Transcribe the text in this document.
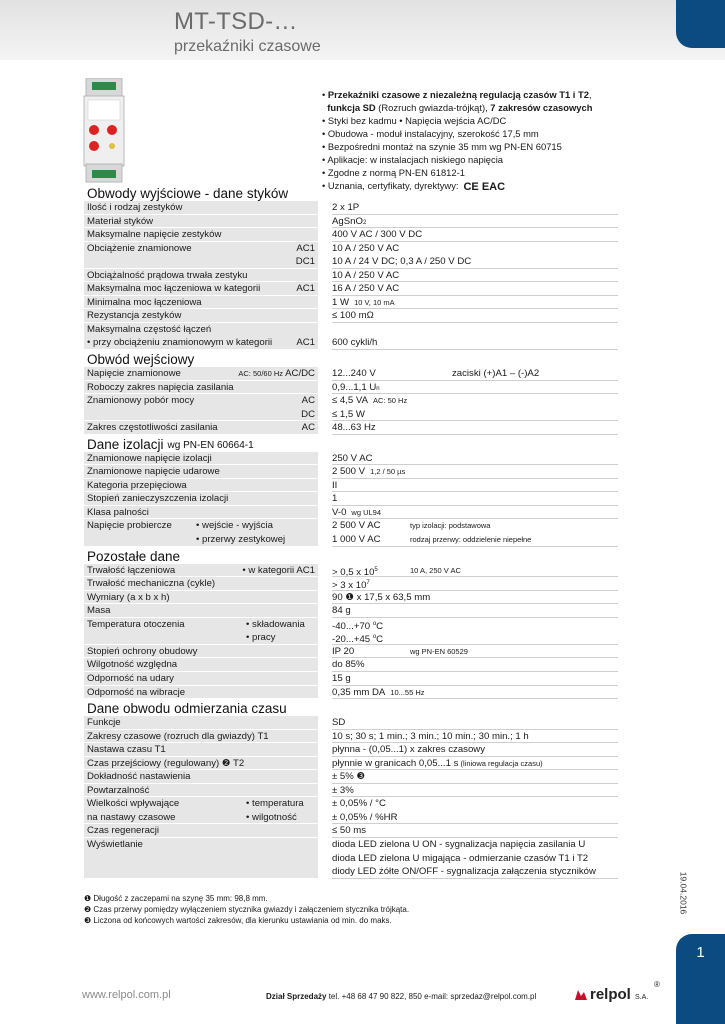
MT-TSD-…
przekaźniki czasowe
• Przekaźniki czasowe z niezależną regulacją czasów T1 i T2,
funkcja SD (Rozruch gwiazda-trójkąt), 7 zakresów czasowych
• Styki bez kadmu • Napięcia wejścia AC/DC
• Obudowa - moduł instalacyjny, szerokość 17,5 mm
• Bezpośredni montaż na szynie 35 mm wg PN-EN 60715
• Aplikacje: w instalacjach niskiego napięcia
• Zgodne z normą PN-EN 61812-1
• Uznania, certyfikaty, dyrektywy: CE EAC
Obwody wyjściowe - dane styków
Ilość i rodzaj zestyków	2 x 1P
Materiał styków	AgSnO2
Maksymalne napięcie zestyków	400 V AC / 300 V DC
Obciążenie znamionowe	AC1 10 A / 250 V AC
DC1 10 A / 24 V DC; 0,3 A / 250 V DC
Obciążalność prądowa trwała zestyku	10 A / 250 V AC
Maksymalna moc łączeniowa w kategorii	AC1 16 A / 250 V AC
Minimalna moc łączeniowa	1 W 10 V, 10 mA
Rezystancja zestyków	≤ 100 mΩ
Maksymalna częstość łączeń
• przy obciążeniu znamionowym w kategorii	AC1 600 cykli/h
Obwód wejściowy
Napięcie znamionowe	AC: 50/60 Hz AC/DC 12...240 V	zaciski (+)A1 – (-)A2
Roboczy zakres napięcia zasilania	0,9...1,1 Un
Znamionowy pobór mocy	AC ≤ 4,5 VA AC: 50 Hz
DC ≤ 1,5 W
Zakres częstotliwości zasilania	AC 48...63 Hz
Dane izolacji wg PN-EN 60664-1
Znamionowe napięcie izolacji	250 V AC
Znamionowe napięcie udarowe	2 500 V 1,2 / 50 µs
Kategoria przepięciowa	II
Stopień zanieczyszczenia izolacji	1
Klasa palności	V-0 wg UL94
Napięcie probiercze	• wejście - wyjścia	2 500 V AC	typ izolacji: podstawowa
• przerwy zestykowej	1 000 V AC	rodzaj przerwy: oddzielenie niepełne
Pozostałe dane
Trwałość łączeniowa	• w kategorii AC1 > 0,5 x $10^5$	10 A, 250 V AC
Trwałość mechaniczna (cykle)	> 3 x $10^7$
Wymiary (a x b x h)	90 ❶ x 17,5 x 63,5 mm
Masa	84 g
Temperatura otoczenia	• składowania	-40...+70 $^o$C
• pracy	-20...+45 $^o$C
Stopień ochrony obudowy	IP 20	wg PN-EN 60529
Wilgotność względna	do 85%
Odporność na udary	15 g
Odporność na wibracje	0,35 mm DA 10...55 Hz
Dane obwodu odmierzania czasu
Funkcje	SD
Zakresy czasowe (rozruch dla gwiazdy) T1	10 s; 30 s; 1 min.; 3 min.; 10 min.; 30 min.; 1 h
Nastawa czasu T1	płynna - (0,05...1) x zakres czasowy
Czas przejściowy (regulowany) ❷ T2	płynnie w granicach 0,05...1 s (liniowa regulacja czasu)
Dokładność nastawienia	± 5% ❸
Powtarzalność	± 3%
Wielkości wpływające	• temperatura	± 0,05% / °C
na nastawy czasowe	• wilgotność	± 0,05% / %HR
Czas regeneracji	≤ 50 ms
Wyświetlanie	dioda LED zielona U ON - sygnalizacja napięcia zasilania U
dioda LED zielona U migająca - odmierzanie czasów T1 i T2
diody LED żółte ON/OFF - sygnalizacja załączenia styczników
❶ Długość z zaczepami na szynę 35 mm: 98,8 mm.
❷ Czas przerwy pomiędzy wyłączeniem stycznika gwiazdy i załączeniem stycznika trójkąta.
❸ Liczona od końcowych wartości zakresów, dla kierunku ustawiania od min. do maks.
19.04.2016
1
www.relpol.com.pl	Dział Sprzedaży tel. +48 68 47 90 822, 850 e-mail: sprzedaz@relpol.com.pl	relpol S.A.
®
